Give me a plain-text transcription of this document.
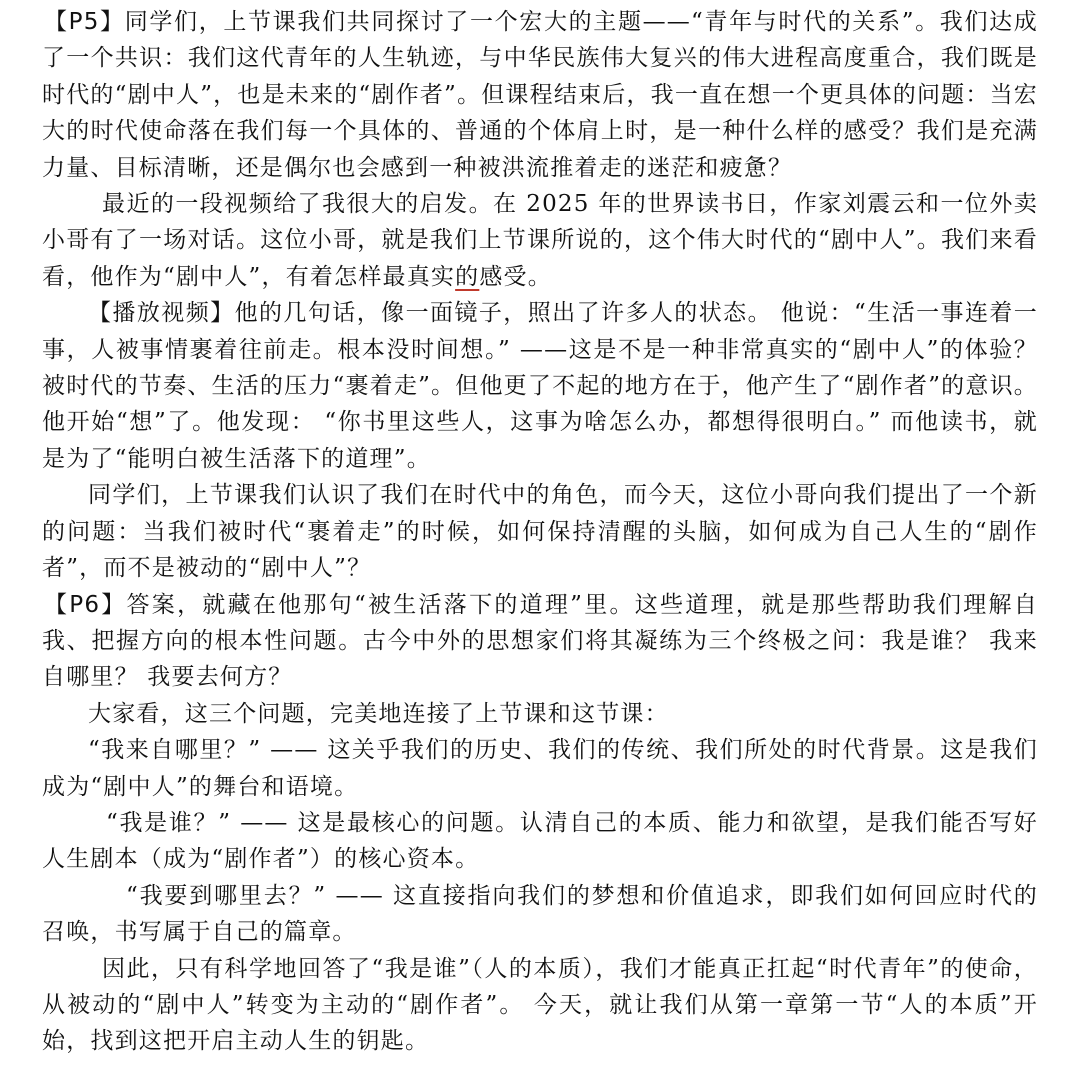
【P5】同学们，上节课我们共同探讨了一个宏大的主题——“青年与时代的关系”。我们达成了一个共识：我们这代青年的人生轨迹，与中华民族伟大复兴的伟大进程高度重合，我们既是时代的“剧中人”，也是未来的“剧作者”。但课程结束后，我一直在想一个更具体的问题：当宏大的时代使命落在我们每一个具体的、普通的个体肩上时，是一种什么样的感受？我们是充满力量、目标清晰，还是偶尔也会感到一种被洪流推着走的迷茫和疲惫？

最近的一段视频给了我很大的启发。在 2025 年的世界读书日，作家刘震云和一位外卖小哥有了一场对话。这位小哥，就是我们上节课所说的，这个伟大时代的“剧中人”。我们来看看，他作为“剧中人”，有着怎样最真实的感受。

【播放视频】他的几句话，像一面镜子，照出了许多人的状态。 他说：“生活一事连着一事，人被事情裹着往前走。根本没时间想。” ——这是不是一种非常真实的“剧中人”的体验？被时代的节奏、生活的压力“裹着走”。但他更了不起的地方在于，他产生了“剧作者”的意识。他开始“想”了。他发现： “你书里这些人，这事为啥怎么办，都想得很明白。” 而他读书，就是为了“能明白被生活落下的道理”。

同学们，上节课我们认识了我们在时代中的角色，而今天，这位小哥向我们提出了一个新的问题：当我们被时代“裹着走”的时候，如何保持清醒的头脑，如何成为自己人生的“剧作者”，而不是被动的“剧中人”？

【P6】答案，就藏在他那句“被生活落下的道理”里。这些道理，就是那些帮助我们理解自我、把握方向的根本性问题。古今中外的思想家们将其凝练为三个终极之问：我是谁？ 我来自哪里？ 我要去何方？

大家看，这三个问题，完美地连接了上节课和这节课：

“我来自哪里？” —— 这关乎我们的历史、我们的传统、我们所处的时代背景。这是我们成为“剧中人”的舞台和语境。

“我是谁？” —— 这是最核心的问题。认清自己的本质、能力和欲望，是我们能否写好人生剧本（成为“剧作者”）的核心资本。

“我要到哪里去？” —— 这直接指向我们的梦想和价值追求，即我们如何回应时代的召唤，书写属于自己的篇章。

因此，只有科学地回答了“我是谁”（人的本质），我们才能真正扛起“时代青年”的使命，从被动的“剧中人”转变为主动的“剧作者”。 今天，就让我们从第一章第一节“人的本质”开始，找到这把开启主动人生的钥匙。
